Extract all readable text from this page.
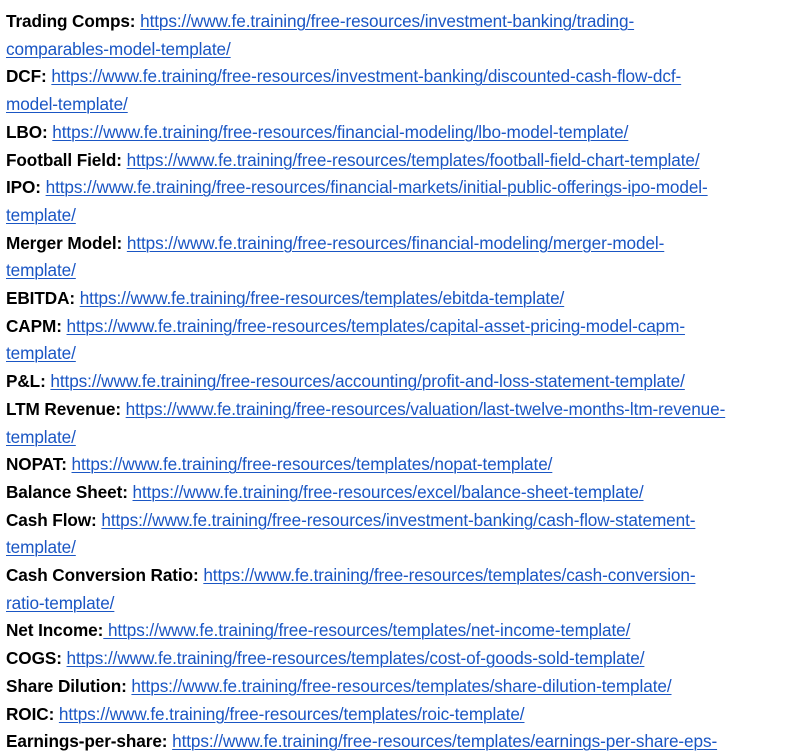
Trading Comps: https://www.fe.training/free-resources/investment-banking/trading-
comparables-model-template/
DCF: https://www.fe.training/free-resources/investment-banking/discounted-cash-flow-dcf-
model-template/
LBO: https://www.fe.training/free-resources/financial-modeling/lbo-model-template/
Football Field: https://www.fe.training/free-resources/templates/football-field-chart-template/
IPO: https://www.fe.training/free-resources/financial-markets/initial-public-offerings-ipo-model-
template/
Merger Model: https://www.fe.training/free-resources/financial-modeling/merger-model-
template/
EBITDA: https://www.fe.training/free-resources/templates/ebitda-template/
CAPM: https://www.fe.training/free-resources/templates/capital-asset-pricing-model-capm-
template/
P&L: https://www.fe.training/free-resources/accounting/profit-and-loss-statement-template/
LTM Revenue: https://www.fe.training/free-resources/valuation/last-twelve-months-ltm-revenue-
template/
NOPAT: https://www.fe.training/free-resources/templates/nopat-template/
Balance Sheet: https://www.fe.training/free-resources/excel/balance-sheet-template/
Cash Flow: https://www.fe.training/free-resources/investment-banking/cash-flow-statement-
template/
Cash Conversion Ratio: https://www.fe.training/free-resources/templates/cash-conversion-
ratio-template/
Net Income: https://www.fe.training/free-resources/templates/net-income-template/
COGS: https://www.fe.training/free-resources/templates/cost-of-goods-sold-template/
Share Dilution: https://www.fe.training/free-resources/templates/share-dilution-template/
ROIC: https://www.fe.training/free-resources/templates/roic-template/
Earnings-per-share: https://www.fe.training/free-resources/templates/earnings-per-share-eps-
